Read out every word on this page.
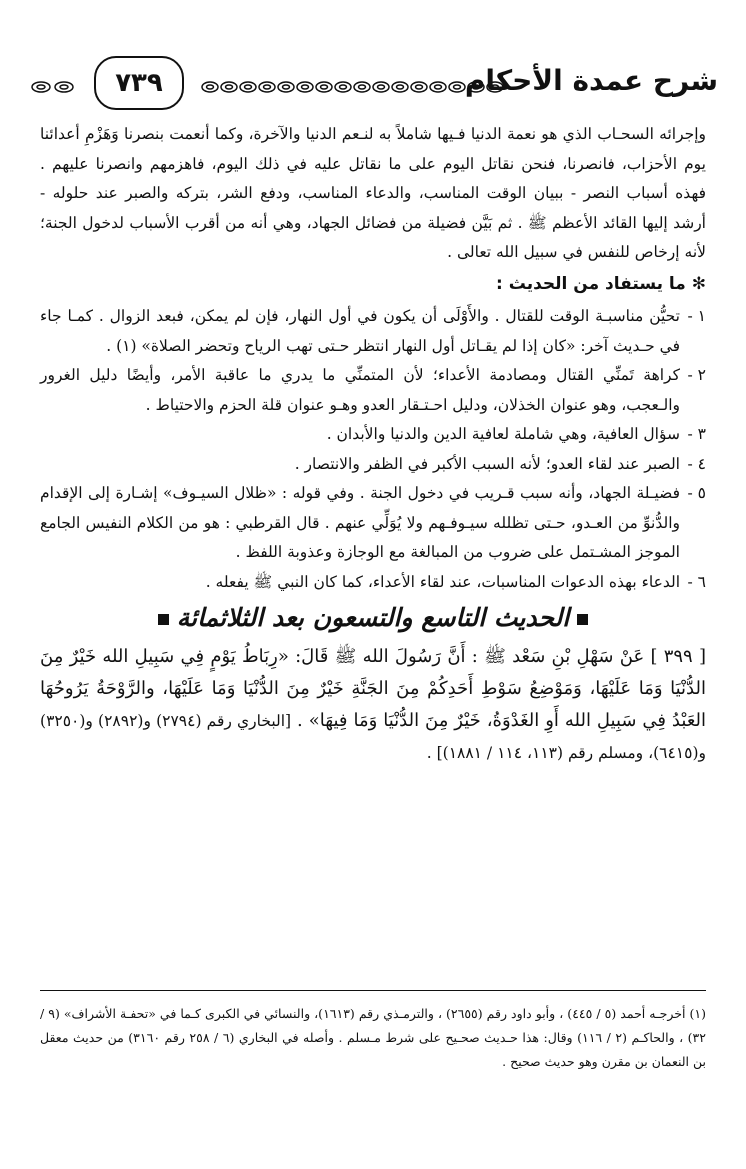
٧٣٩	شرح عمدة الأحكام

وإجرائه السحـاب الذي هو نعمة الدنيا فـيها شاملاً به لنـعم الدنيا والآخرة، وكما أنعمت بنصرنا وَهَزْمِ أعدائنا يوم الأحزاب، فانصرنا، فنحن نقاتل اليوم على ما نقاتل عليه في ذلك اليوم، فاهزمهم وانصرنا عليهم . فهذه أسباب النصر - ببيان الوقت المناسب، والدعاء المناسب، ودفع الشر، بتركه والصبر عند حلوله - أرشد إليها القائد الأعظم ﷺ . ثم بَيَّن فضيلة من فضائل الجهاد، وهي أنه من أقرب الأسباب لدخول الجنة؛ لأنه إرخاص للنفس في سبيل الله تعالى .

✻ ما يستفاد من الحديث :

١ -
تحيُّن مناسبـة الوقت للقتال . والأَوْلَى أن يكون في أول النهار، فإن لم يمكن، فبعد الزوال . كمـا جاء في حـديث آخر: «كان إذا لم يقـاتل أول النهار انتظر حـتى تهب الرياح وتحضر الصلاة» (١) .

٢ -
كراهة تَمنِّي القتال ومصادمة الأعداء؛ لأن المتمنِّي ما يدري ما عاقبة الأمر، وأيضًا دليل الغرور والـعجب، وهو عنوان الخذلان، ودليل احـتـقار العدو وهـو عنوان قلة الحزم والاحتياط .

٣ -
سؤال العافية، وهي شاملة لعافية الدين والدنيا والأبدان .

٤ -
الصبر عند لقاء العدو؛ لأنه السبب الأكبر في الظفر والانتصار .

٥ -
فضيـلة الجهاد، وأنه سبب قـريب في دخول الجنة . وفي قوله : «ظلال السيـوف» إشـارة إلى الإقدام والدُّنوِّ من العـدو، حـتى تظلله سيـوفـهم ولا يُوَلِّي عنهم . قال القرطبي : هو من الكلام النفيس الجامع الموجز المشـتمل على ضروب من المبالغة مع الوجازة وعذوبة اللفظ .

٦ -
الدعاء بهذه الدعوات المناسبات، عند لقاء الأعداء، كما كان النبي ﷺ يفعله .

الحديث التاسع والتسعون بعد الثلاثمائة

[ ٣٩٩ ] عَنْ سَهْلِ بْنِ سَعْد ﷺ : أَنَّ رَسُولَ الله ﷺ قَالَ: «رِبَاطُ يَوْمٍ فِي سَبِيلِ الله خَيْرٌ مِنَ الدُّنْيَا وَمَا عَلَيْهَا، وَمَوْضِعُ سَوْطِ أَحَدِكُمْ مِنَ الجَنَّةِ خَيْرٌ مِنَ الدُّنْيَا وَمَا عَلَيْهَا، والرَّوْحَةُ يَرُوحُهَا العَبْدُ فِي سَبِيلِ الله أَوِ الغَدْوَةُ، خَيْرٌ مِنَ الدُّنْيَا وَمَا فِيهَا» . [البخاري رقم (٢٧٩٤) و(٢٨٩٢) و(٣٢٥٠) و(٦٤١٥)، ومسلم رقم (١١٣، ١١٤ / ١٨٨١)] .

(١) أخرجـه أحمد (٥ / ٤٤٥) ، وأبو داود رقم (٢٦٥٥) ، والترمـذي رقم (١٦١٣)، والنسائي في الكبرى كـما في «تحفـة الأشراف» (٩ / ٣٢) ، والحاكـم (٢ / ١١٦) وقال: هذا حـديث صحـيح على شرط مـسلم . وأصله في البخاري (٦ / ٢٥٨ رقم ٣١٦٠) من حديث معقل بن النعمان بن مقرن وهو حديث صحيح .
